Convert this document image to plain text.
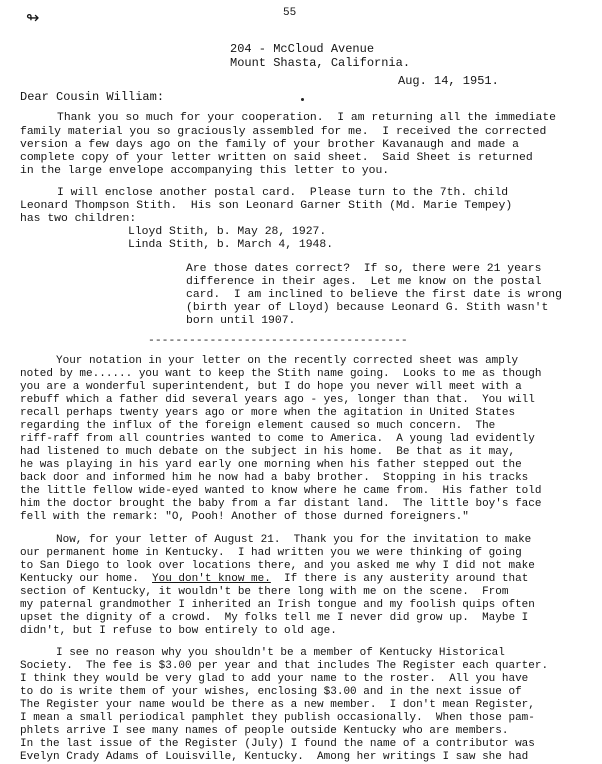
↬	55
204 - McCloud Avenue
Mount Shasta, California.
Aug. 14, 1951.
Dear Cousin William:
Thank you so much for your cooperation.  I am returning all the immediate
family material you so graciously assembled for me.  I received the corrected
version a few days ago on the family of your brother Kavanaugh and made a
complete copy of your letter written on said sheet.  Said Sheet is returned
in the large envelope accompanying this letter to you.
I will enclose another postal card.  Please turn to the 7th. child
Leonard Thompson Stith.  His son Leonard Garner Stith (Md. Marie Tempey)
has two children:
Lloyd Stith, b. May 28, 1927.
Linda Stith, b. March 4, 1948.
Are those dates correct?  If so, there were 21 years
difference in their ages.  Let me know on the postal
card.  I am inclined to believe the first date is wrong
(birth year of Lloyd) because Leonard G. Stith wasn't
born until 1907.
--------------------------------------
Your notation in your letter on the recently corrected sheet was amply
noted by me...... you want to keep the Stith name going.  Looks to me as though
you are a wonderful superintendent, but I do hope you never will meet with a
rebuff which a father did several years ago - yes, longer than that.  You will
recall perhaps twenty years ago or more when the agitation in United States
regarding the influx of the foreign element caused so much concern.  The
riff-raff from all countries wanted to come to America.  A young lad evidently
had listened to much debate on the subject in his home.  Be that as it may,
he was playing in his yard early one morning when his father stepped out the
back door and informed him he now had a baby brother.  Stopping in his tracks
the little fellow wide-eyed wanted to know where he came from.  His father told
him the doctor brought the baby from a far distant land.  The little boy's face
fell with the remark: "O, Pooh! Another of those durned foreigners."
Now, for your letter of August 21.  Thank you for the invitation to make
our permanent home in Kentucky.  I had written you we were thinking of going
to San Diego to look over locations there, and you asked me why I did not make
Kentucky our home.  You don't know me.  If there is any austerity around that
section of Kentucky, it wouldn't be there long with me on the scene.  From
my paternal grandmother I inherited an Irish tongue and my foolish quips often
upset the dignity of a crowd.  My folks tell me I never did grow up.  Maybe I
didn't, but I refuse to bow entirely to old age.
I see no reason why you shouldn't be a member of Kentucky Historical
Society.  The fee is $3.00 per year and that includes The Register each quarter.
I think they would be very glad to add your name to the roster.  All you have
to do is write them of your wishes, enclosing $3.00 and in the next issue of
The Register your name would be there as a new member.  I don't mean Register,
I mean a small periodical pamphlet they publish occasionally.  When those pam-
phlets arrive I see many names of people outside Kentucky who are members.
In the last issue of the Register (July) I found the name of a contributor was
Evelyn Crady Adams of Louisville, Kentucky.  Among her writings I saw she had
